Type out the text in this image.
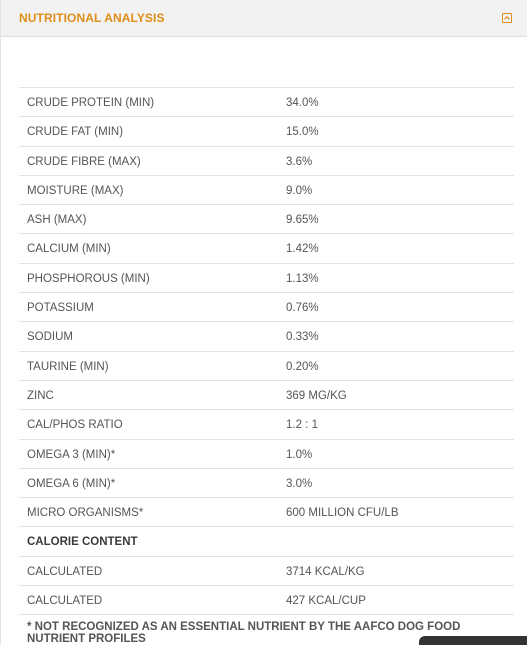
NUTRITIONAL ANALYSIS
CRUDE PROTEIN (MIN)	34.0%
CRUDE FAT (MIN)	15.0%
CRUDE FIBRE (MAX)	3.6%
MOISTURE (MAX)	9.0%
ASH (MAX)	9.65%
CALCIUM (MIN)	1.42%
PHOSPHOROUS (MIN)	1.13%
POTASSIUM	0.76%
SODIUM	0.33%
TAURINE (MIN)	0.20%
ZINC	369 MG/KG
CAL/PHOS RATIO	1.2 : 1
OMEGA 3 (MIN)*	1.0%
OMEGA 6 (MIN)*	3.0%
MICRO ORGANISMS*	600 MILLION CFU/LB
CALORIE CONTENT
CALCULATED	3714 KCAL/KG
CALCULATED	427 KCAL/CUP
* NOT RECOGNIZED AS AN ESSENTIAL NUTRIENT BY THE AAFCO DOG FOOD NUTRIENT PROFILES
